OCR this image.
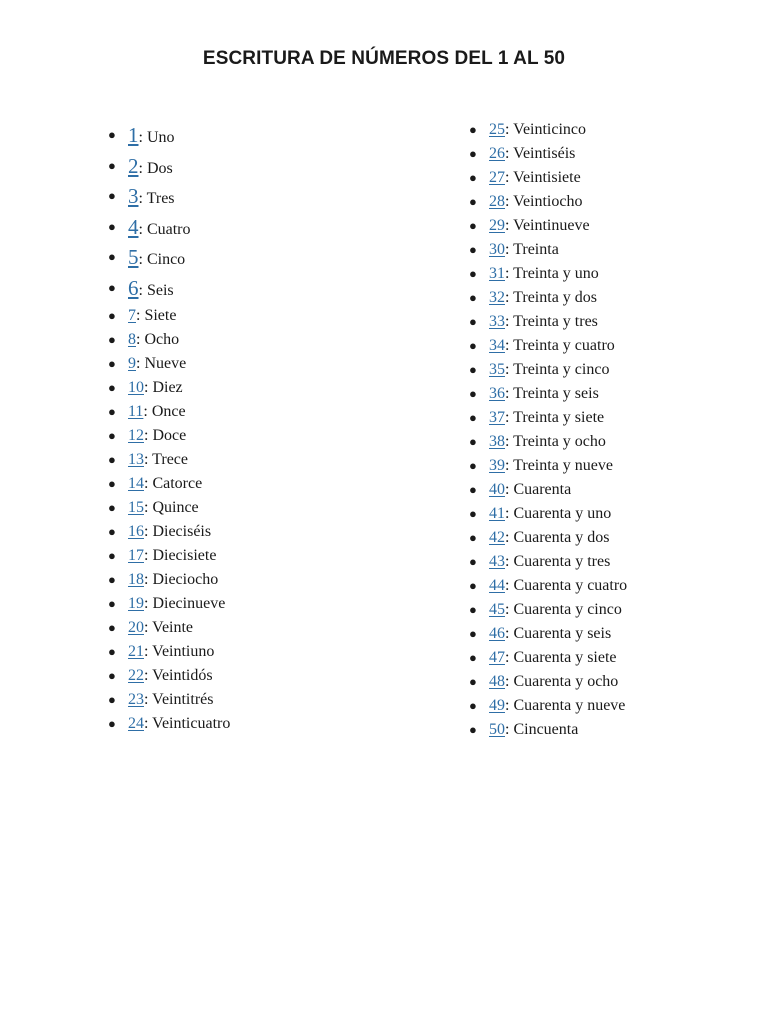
ESCRITURA DE NÚMEROS DEL 1 AL 50
● 1: Uno
● 2: Dos
● 3: Tres
● 4: Cuatro
● 5: Cinco
● 6: Seis
● 7: Siete
● 8: Ocho
● 9: Nueve
● 10: Diez
● 11: Once
● 12: Doce
● 13: Trece
● 14: Catorce
● 15: Quince
● 16: Dieciséis
● 17: Diecisiete
● 18: Dieciocho
● 19: Diecinueve
● 20: Veinte
● 21: Veintiuno
● 22: Veintidós
● 23: Veintitrés
● 24: Veinticuatro
● 25: Veinticinco
● 26: Veintiséis
● 27: Veintisiete
● 28: Veintiocho
● 29: Veintinueve
● 30: Treinta
● 31: Treinta y uno
● 32: Treinta y dos
● 33: Treinta y tres
● 34: Treinta y cuatro
● 35: Treinta y cinco
● 36: Treinta y seis
● 37: Treinta y siete
● 38: Treinta y ocho
● 39: Treinta y nueve
● 40: Cuarenta
● 41: Cuarenta y uno
● 42: Cuarenta y dos
● 43: Cuarenta y tres
● 44: Cuarenta y cuatro
● 45: Cuarenta y cinco
● 46: Cuarenta y seis
● 47: Cuarenta y siete
● 48: Cuarenta y ocho
● 49: Cuarenta y nueve
● 50: Cincuenta
